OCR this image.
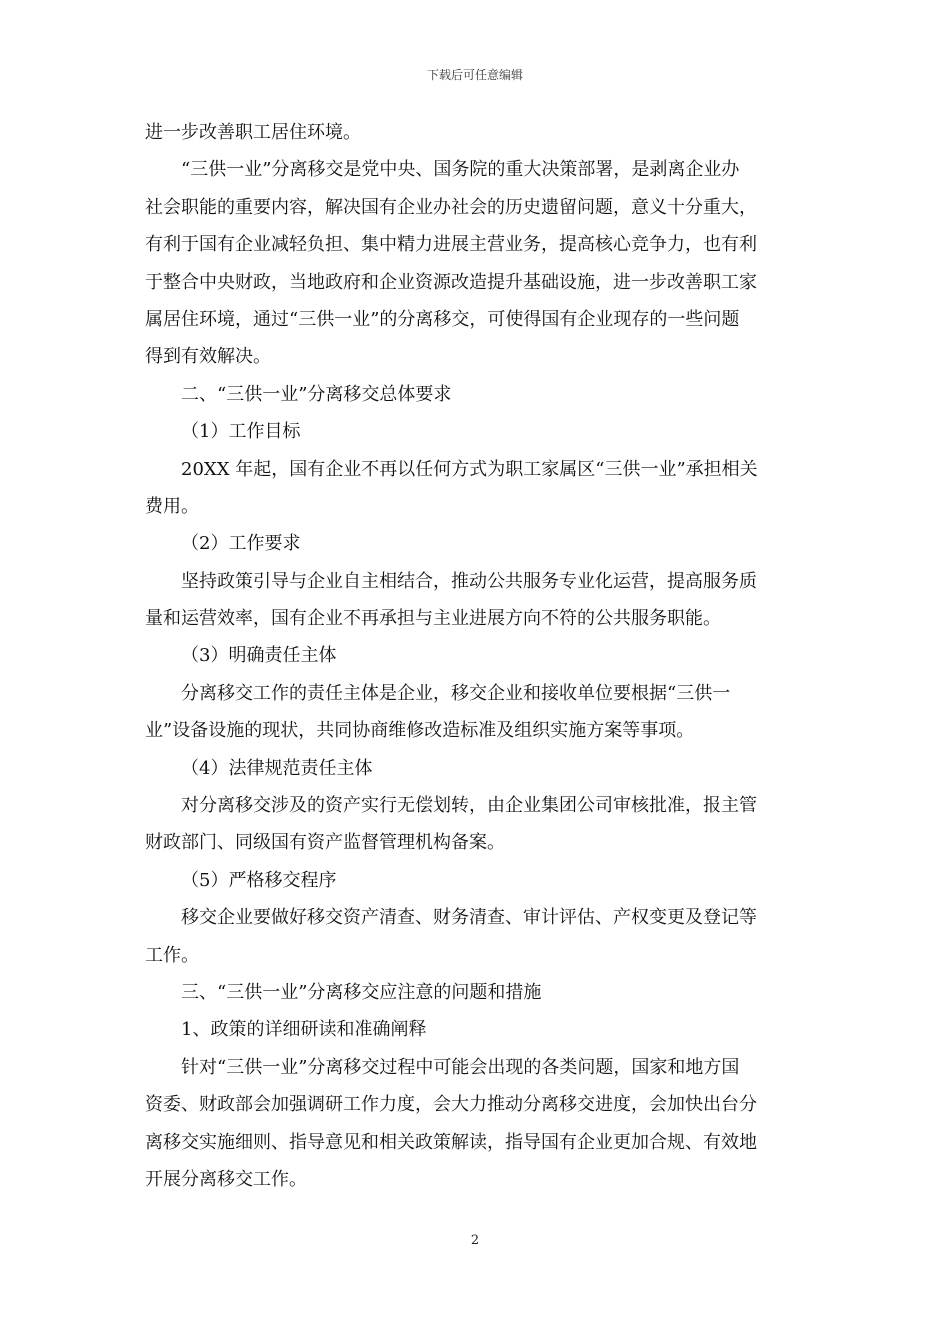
下载后可任意编辑
进一步改善职工居住环境。
“三供一业”分离移交是党中央、国务院的重大决策部署，是剥离企业办
社会职能的重要内容，解决国有企业办社会的历史遗留问题，意义十分重大，
有利于国有企业减轻负担、集中精力进展主营业务，提高核心竞争力，也有利
于整合中央财政，当地政府和企业资源改造提升基础设施，进一步改善职工家
属居住环境，通过“三供一业”的分离移交，可使得国有企业现存的一些问题
得到有效解决。
二、“三供一业”分离移交总体要求
（1）工作目标
20XX 年起，国有企业不再以任何方式为职工家属区“三供一业”承担相关
费用。
（2）工作要求
坚持政策引导与企业自主相结合，推动公共服务专业化运营，提高服务质
量和运营效率，国有企业不再承担与主业进展方向不符的公共服务职能。
（3）明确责任主体
分离移交工作的责任主体是企业，移交企业和接收单位要根据“三供一
业”设备设施的现状，共同协商维修改造标准及组织实施方案等事项。
（4）法律规范责任主体
对分离移交涉及的资产实行无偿划转，由企业集团公司审核批准，报主管
财政部门、同级国有资产监督管理机构备案。
（5）严格移交程序
移交企业要做好移交资产清查、财务清查、审计评估、产权变更及登记等
工作。
三、“三供一业”分离移交应注意的问题和措施
1、政策的详细研读和准确阐释
针对“三供一业”分离移交过程中可能会出现的各类问题，国家和地方国
资委、财政部会加强调研工作力度，会大力推动分离移交进度，会加快出台分
离移交实施细则、指导意见和相关政策解读，指导国有企业更加合规、有效地
开展分离移交工作。
2
